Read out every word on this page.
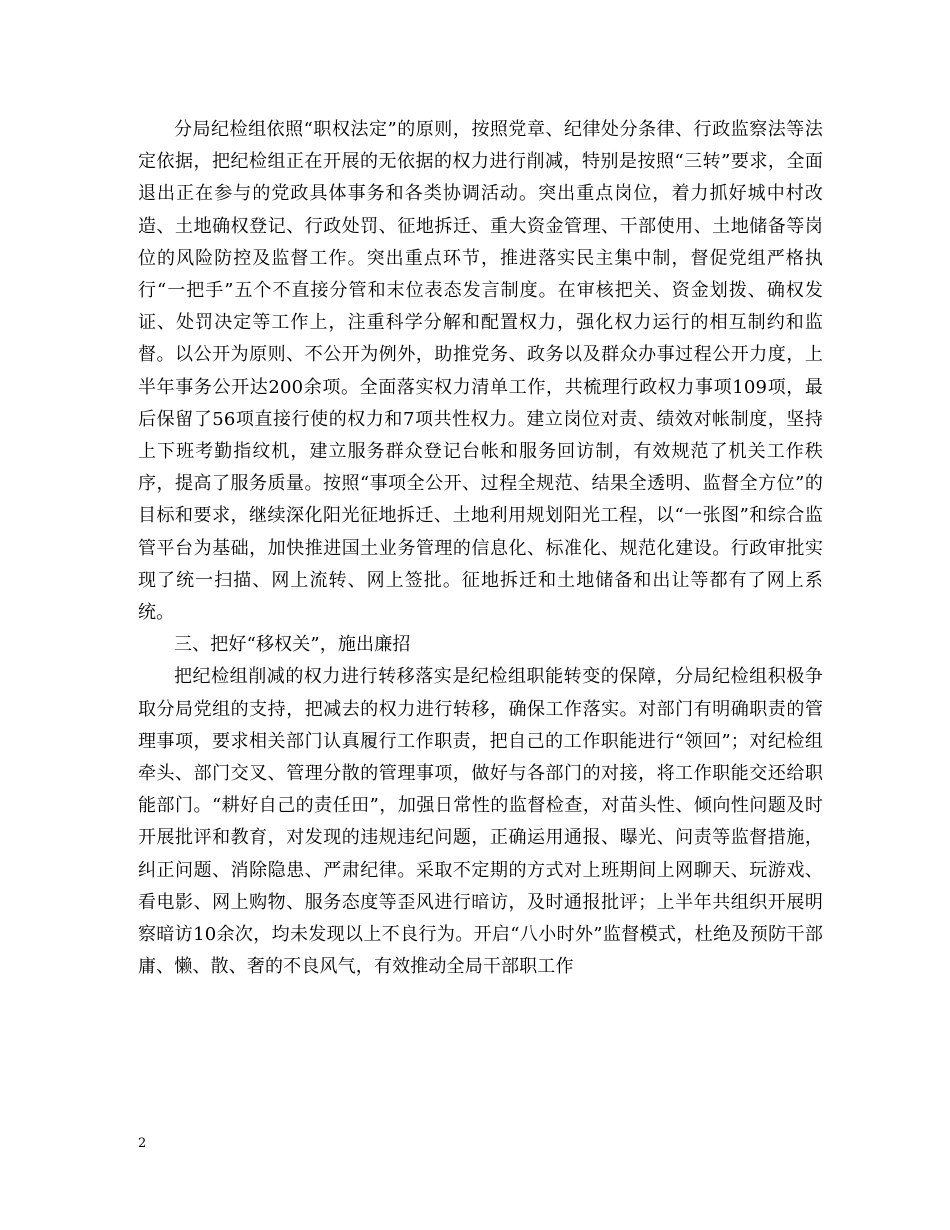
分局纪检组依照“职权法定”的原则，按照党章、纪律处分条律、行政监察法等法定依据，把纪检组正在开展的无依据的权力进行削减，特别是按照“三转”要求，全面退出正在参与的党政具体事务和各类协调活动。突出重点岗位，着力抓好城中村改造、土地确权登记、行政处罚、征地拆迁、重大资金管理、干部使用、土地储备等岗位的风险防控及监督工作。突出重点环节，推进落实民主集中制，督促党组严格执行“一把手”五个不直接分管和末位表态发言制度。在审核把关、资金划拨、确权发证、处罚决定等工作上，注重科学分解和配置权力，强化权力运行的相互制约和监督。以公开为原则、不公开为例外，助推党务、政务以及群众办事过程公开力度，上半年事务公开达200余项。全面落实权力清单工作，共梳理行政权力事项109项，最后保留了56项直接行使的权力和7项共性权力。建立岗位对责、绩效对帐制度，坚持上下班考勤指纹机，建立服务群众登记台帐和服务回访制，有效规范了机关工作秩序，提高了服务质量。按照“事项全公开、过程全规范、结果全透明、监督全方位”的目标和要求，继续深化阳光征地拆迁、土地利用规划阳光工程，以“一张图”和综合监管平台为基础，加快推进国土业务管理的信息化、标准化、规范化建设。行政审批实现了统一扫描、网上流转、网上签批。征地拆迁和土地储备和出让等都有了网上系统。

三、把好“移权关”，施出廉招

把纪检组削减的权力进行转移落实是纪检组职能转变的保障，分局纪检组积极争取分局党组的支持，把减去的权力进行转移，确保工作落实。对部门有明确职责的管理事项，要求相关部门认真履行工作职责，把自己的工作职能进行“领回”；对纪检组牵头、部门交叉、管理分散的管理事项，做好与各部门的对接，将工作职能交还给职能部门。“耕好自己的责任田”，加强日常性的监督检查，对苗头性、倾向性问题及时开展批评和教育，对发现的违规违纪问题，正确运用通报、曝光、问责等监督措施，纠正问题、消除隐患、严肃纪律。采取不定期的方式对上班期间上网聊天、玩游戏、看电影、网上购物、服务态度等歪风进行暗访，及时通报批评；上半年共组织开展明察暗访10余次，均未发现以上不良行为。开启“八小时外”监督模式，杜绝及预防干部庸、懒、散、奢的不良风气，有效推动全局干部职工作

2
